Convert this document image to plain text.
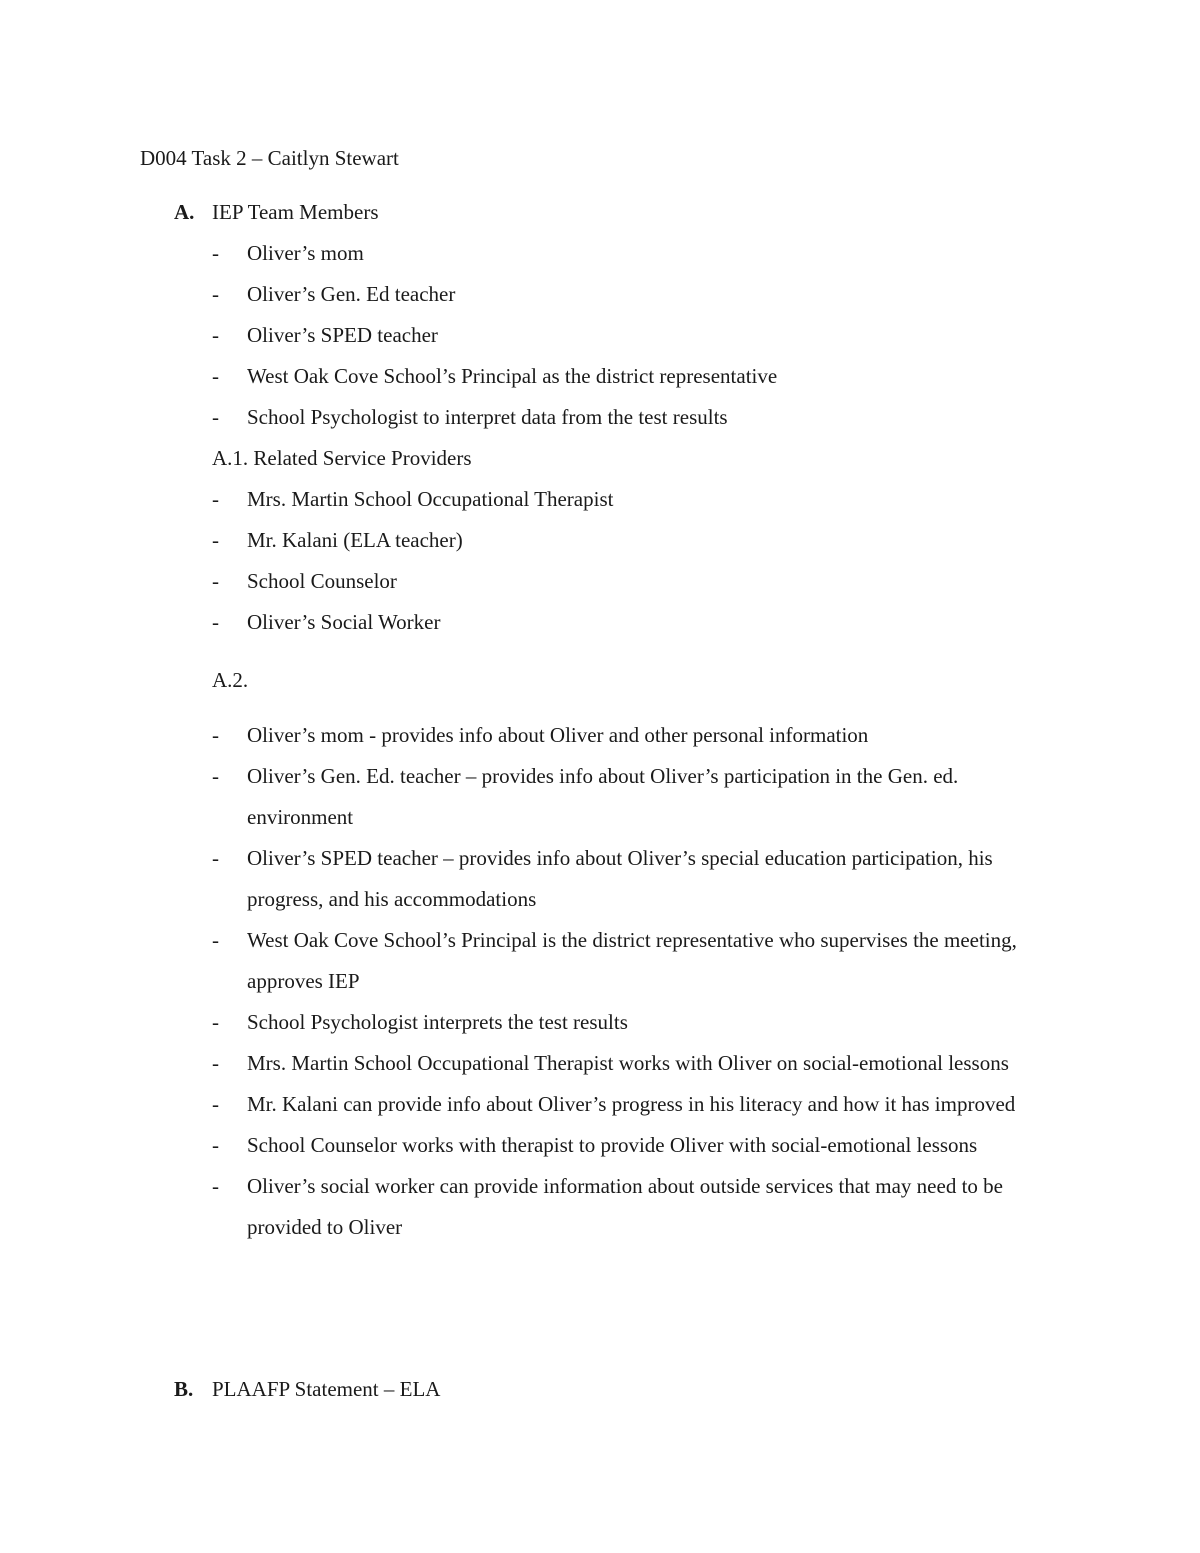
D004 Task 2 – Caitlyn Stewart
A. IEP Team Members
- Oliver’s mom
- Oliver’s Gen. Ed teacher
- Oliver’s SPED teacher
- West Oak Cove School’s Principal as the district representative
- School Psychologist to interpret data from the test results
A.1. Related Service Providers
- Mrs. Martin School Occupational Therapist
- Mr. Kalani (ELA teacher)
- School Counselor
- Oliver’s Social Worker
A.2.
- Oliver’s mom - provides info about Oliver and other personal information
- Oliver’s Gen. Ed. teacher – provides info about Oliver’s participation in the Gen. ed. environment
- Oliver’s SPED teacher – provides info about Oliver’s special education participation, his progress, and his accommodations
- West Oak Cove School’s Principal is the district representative who supervises the meeting, approves IEP
- School Psychologist interprets the test results
- Mrs. Martin School Occupational Therapist works with Oliver on social-emotional lessons
- Mr. Kalani can provide info about Oliver’s progress in his literacy and how it has improved
- School Counselor works with therapist to provide Oliver with social-emotional lessons
- Oliver’s social worker can provide information about outside services that may need to be provided to Oliver
B. PLAAFP Statement – ELA
